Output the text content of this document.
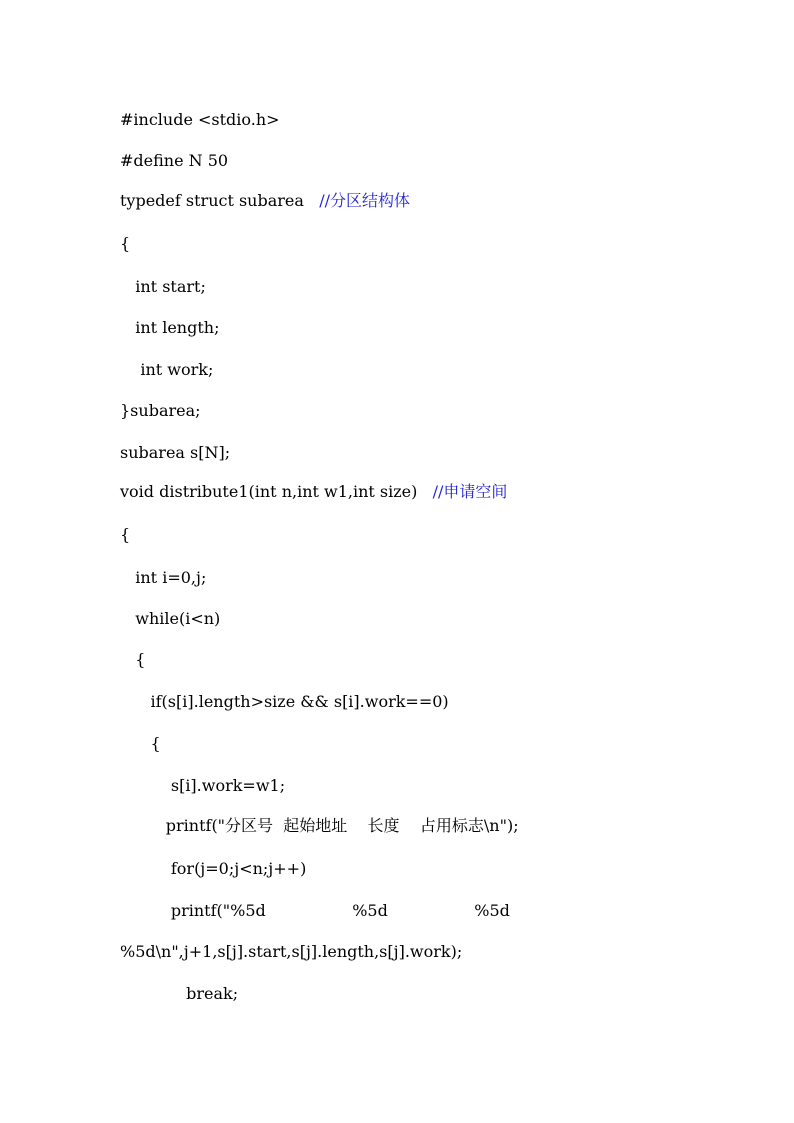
#include <stdio.h>
#define N 50
typedef struct subarea   //分区结构体
{
int start;
int length;
int work;
}subarea;
subarea s[N];
void distribute1(int n,int w1,int size)   //申请空间
{
int i=0,j;
while(i<n)
{
if(s[i].length>size && s[i].work==0)
{
s[i].work=w1;
printf("分区号  起始地址    长度    占用标志\n");
for(j=0;j<n;j++)
printf("%5d                 %5d                 %5d
%5d\n",j+1,s[j].start,s[j].length,s[j].work);
break;
